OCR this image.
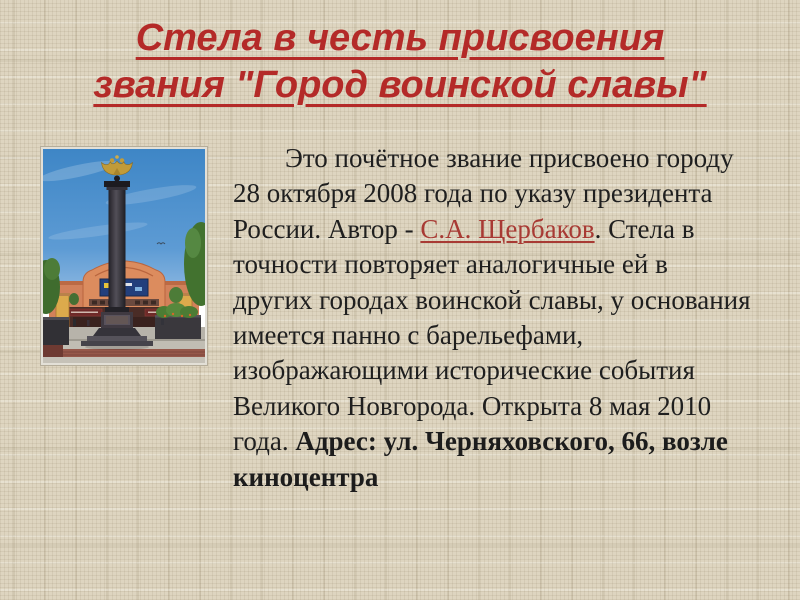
Стела в честь присвоения
звания "Город воинской славы"
Это почётное звание присвоено городу 28 октября 2008 года по указу президента России. Автор - С.А. Щербаков. Стела в точности повторяет аналогичные ей в других городах воинской славы, у основания имеется панно с барельефами, изображающими исторические события Великого Новгорода. Открыта 8 мая 2010 года. Адрес: ул. Черняховского, 66, возле киноцентра
